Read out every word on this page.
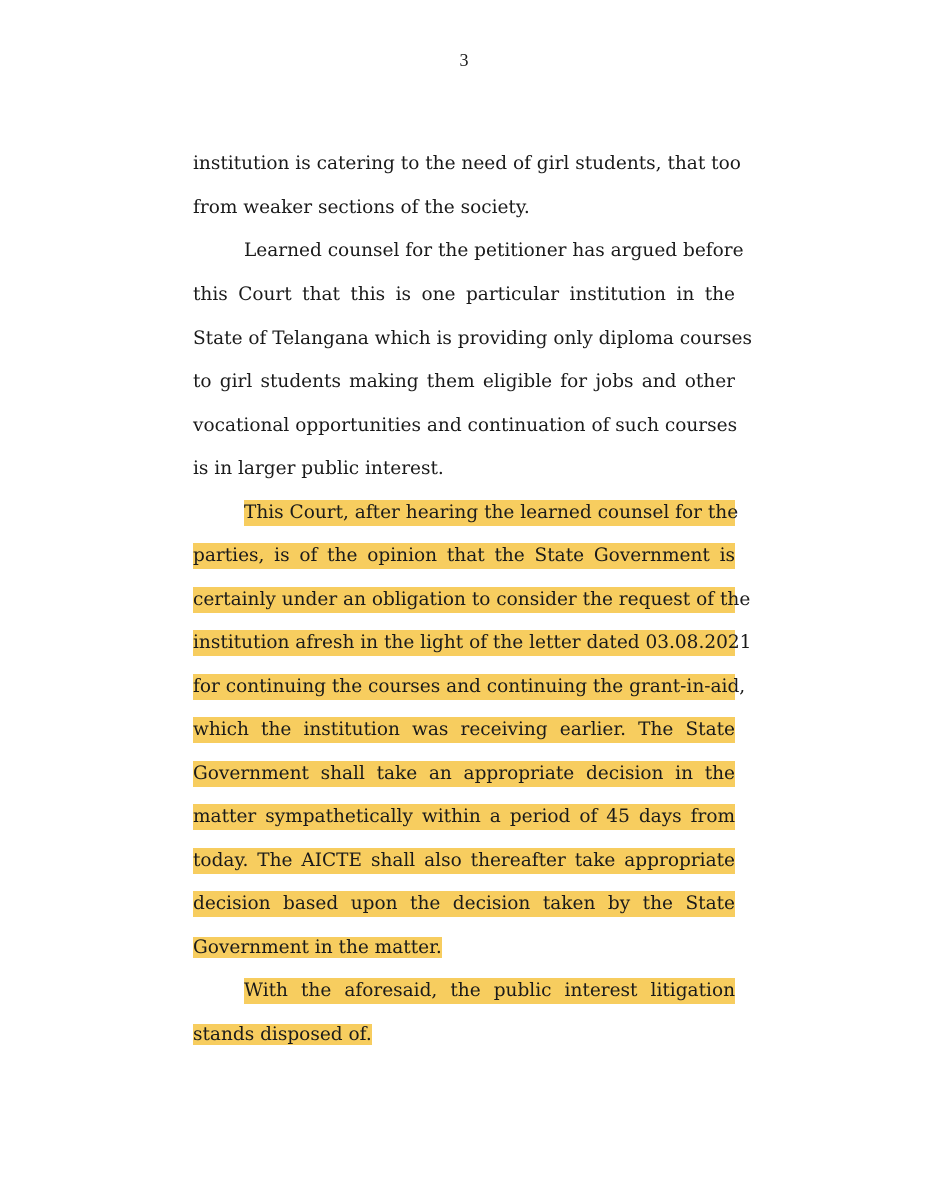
3
institution is catering to the need of girl students, that too
from weaker sections of the society.
Learned counsel for the petitioner has argued before
this Court that this is one particular institution in the
State of Telangana which is providing only diploma courses
to girl students making them eligible for jobs and other
vocational opportunities and continuation of such courses
is in larger public interest.
This Court, after hearing the learned counsel for the
parties, is of the opinion that the State Government is
certainly under an obligation to consider the request of the
institution afresh in the light of the letter dated 03.08.2021
for continuing the courses and continuing the grant-in-aid,
which the institution was receiving earlier. The State
Government shall take an appropriate decision in the
matter sympathetically within a period of 45 days from
today. The AICTE shall also thereafter take appropriate
decision based upon the decision taken by the State
Government in the matter.
With the aforesaid, the public interest litigation
stands disposed of.
